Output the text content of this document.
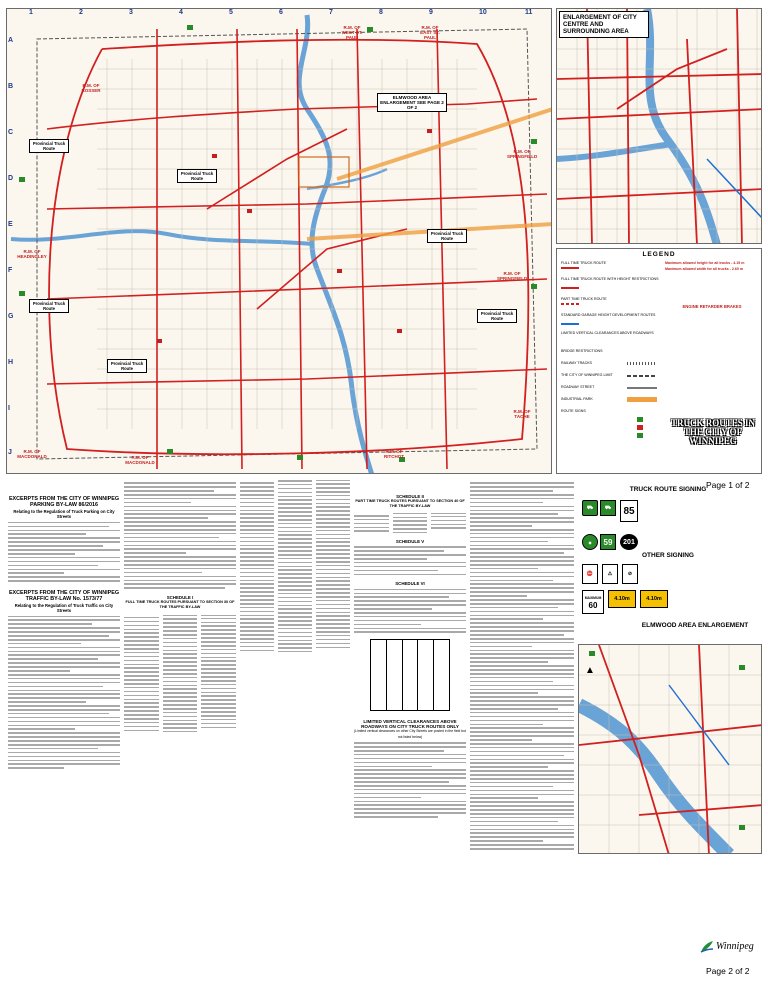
1	2	3	4	5	6	7	8	9	10	11
A
B
C
D
E
F
G
H
I
J
ELMWOOD AREA ENLARGEMENT SEE PAGE 2 OF 2
Provincial Truck Route
Provincial Truck Route
Provincial Truck Route
Provincial Truck Route
Provincial Truck Route
Provincial Truck Route
R.M. OF WEST ST. PAUL
R.M. OF EAST ST. PAUL
R.M. OF ROSSER
R.M. OF SPRINGFIELD
R.M. OF HEADINGLEY
R.M. OF SPRINGFIELD
R.M. OF MACDONALD
R.M. OF RITCHOT
R.M. OF TACHE
R.M. OF MACDONALD
ENLARGEMENT OF CITY CENTRE AND SURROUNDING AREA
LEGEND
FULL TIME TRUCK ROUTE
FULL TIME TRUCK ROUTE WITH HEIGHT RESTRICTIONS
PART TIME TRUCK ROUTE
STANDARD GARAGE HEIGHT DEVELOPMENT ROUTES
LIMITED VERTICAL CLEARANCES ABOVE ROADWAYS
BRIDGE RESTRICTIONS
RAILWAY TRACKS
THE CITY OF WINNIPEG LIMIT
ROADWAY STREET
INDUSTRIAL PARK
ROUTE SIGNS
Maximum allowed height for all trucks - 4.15 m
Maximum allowed width for all trucks - 2.60 m
ENGINE RETARDER BRAKES
TRUCK ROUTES IN THE CITY OF WINNIPEG
Page 1 of 2
EXCERPTS FROM THE CITY OF WINNIPEG PARKING BY-LAW 86/2016
Relating to the Regulation of Truck Parking on City Streets
EXCERPTS FROM THE CITY OF WINNIPEG TRAFFIC BY-LAW No. 1573/77
Relating to the Regulation of Truck Traffic on City Streets
SCHEDULE I
FULL TIME TRUCK ROUTES PURSUANT TO SECTION 30 OF THE TRAFFIC BY-LAW
SCHEDULE II
PART TIME TRUCK ROUTES PURSUANT TO SECTION 40 OF THE TRAFFIC BY-LAW
SCHEDULE V
SCHEDULE VI
LIMITED VERTICAL CLEARANCES ABOVE ROADWAYS ON CITY TRUCK ROUTES ONLY
(Limited vertical clearances on other City Streets are posted in the field but not listed below)
TRUCK ROUTE SIGNING
⛟	⛟	85
◆	59	201
OTHER SIGNING
⛔	⚠	⊘
MAXIMUM
60
4.10m	4.10m
ELMWOOD AREA ENLARGEMENT
▲
Winnipeg
Page 2 of 2
